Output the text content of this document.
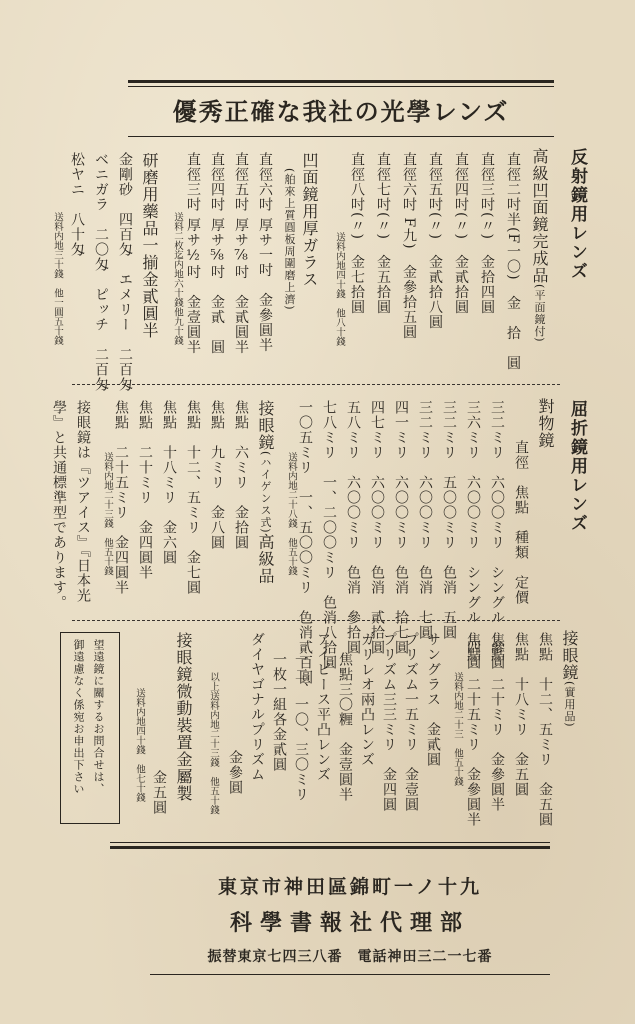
優秀正確な我社の光學レンズ
反射鏡用レンズ
高級凹面鏡完成品(平面鏡付)
直徑二吋半(F一〇)　金　拾　圓
直徑三吋(〃)　金拾四圓
直徑四吋(〃)　金貳拾圓
直徑五吋(〃)　金貳拾八圓
直徑六吋 F九)　金參拾五圓
直徑七吋(〃)　金五拾圓
直徑八吋(〃)　金七拾圓
送料内地四十錢　他八十錢
凹面鏡用厚ガラス
(舶來上質圓板周圍磨上濟)
直徑六吋 厚サ一吋　金參圓半
直徑五吋 厚サ⅞吋　金貳圓半
直徑四吋 厚サ⅝吋　金貳　圓
直徑三吋 厚サ½吋　金壹圓半
送料二枚迄内地六十錢他九十錢
研磨用藥品一揃金貳圓半
金剛砂　四百匁　エメリー　二百匁
ベニガラ　二〇匁　ピッチ　二百匁
松ヤニ　八十匁
送料内地三十錢　他一圓五十錢
屈折鏡用レンズ
對物鏡
直徑　焦點　種類　定價
三二ミリ　六〇〇ミリ　シングル　參圓
三六ミリ　六〇〇ミリ　シングル　四圓
三二ミリ　五〇〇ミリ　色消　五圓
三二ミリ　六〇〇ミリ　色消　七圓
四一ミリ　六〇〇ミリ　色消　拾七圓
四七ミリ　六〇〇ミリ　色消　貳拾圓
五八ミリ　六〇〇ミリ　色消　參拾圓
七八ミリ　一、二〇〇ミリ　色消八拾圓
一〇五ミリ　一、五〇〇ミリ　色消貳百圓
送料内地二十八錢　他五十錢
接眼鏡(ハイゲンス式)高級品
焦點　六ミリ　金拾圓
焦點　九ミリ　金八圓
焦點　十二、五ミリ　金七圓
焦點　十八ミリ　金六圓
焦點　二十ミリ　金四圓半
焦點　二十五ミリ　金四圓半
送料内地二十三錢　他五十錢
接眼鏡は『ツアイス』『日本光
學』と共通標準型であります。
接眼鏡(實用品)
焦點　十二、五ミリ　金五圓
焦點　十八ミリ　金五圓
焦點　二十ミリ　金參圓半
焦點　二十五ミリ　金參圓半
送料内地二十三　他五十錢
サングラス　金貳圓
プリズム一五ミリ　金壹圓
プリズム三三ミリ　金四圓
ガリレオ兩凸レンズ
焦點三〇糎　金壹圓半
アイピース平凸レンズ
一二、一〇、三〇ミリ
一枚一組各金貳圓
ダイヤゴナルプリズム
金參圓
以上送料内地二十三錢　他五十錢
接眼鏡微動裝置金屬製
金五圓
送料内地四十錢　他七十錢
望遠鏡に關するお問合せは、
御遠慮なく係宛お申出下さい
東京市神田區錦町一ノ十九
科學書報社代理部
振替東京七四三八番　電話神田三二一七番
